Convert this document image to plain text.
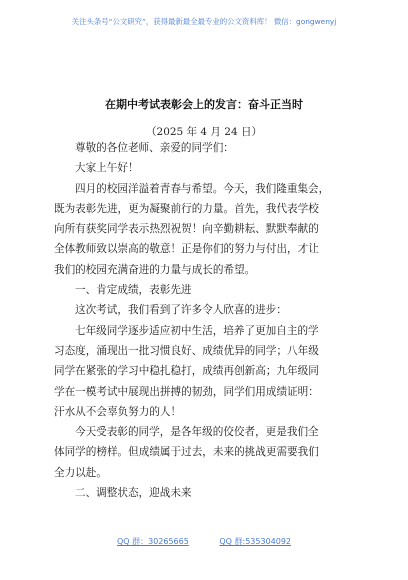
关注头条号“公文研究”，获得最新最全最专业的公文资料库！ 微信：gongwenyj
在期中考试表彰会上的发言：奋斗正当时
（2025 年 4 月 24 日）
尊敬的各位老师、亲爱的同学们：
大家上午好！
四月的校园洋溢着青春与希望。今天，我们隆重集会，
既为表彰先进，更为凝聚前行的力量。首先，我代表学校
向所有获奖同学表示热烈祝贺！向辛勤耕耘、默默奉献的
全体教师致以崇高的敬意！正是你们的努力与付出，才让
我们的校园充满奋进的力量与成长的希望。
一、肯定成绩，表彰先进
这次考试，我们看到了许多令人欣喜的进步：
七年级同学逐步适应初中生活，培养了更加自主的学
习态度，涌现出一批习惯良好、成绩优异的同学；八年级
同学在紧张的学习中稳扎稳打，成绩再创新高；九年级同
学在一模考试中展现出拼搏的韧劲，同学们用成绩证明：
汗水从不会辜负努力的人！
今天受表彰的同学，是各年级的佼佼者，更是我们全
体同学的榜样。但成绩属于过去，未来的挑战更需要我们
全力以赴。
二、调整状态，迎战未来
QQ 群：30265665	QQ 群:535304092
